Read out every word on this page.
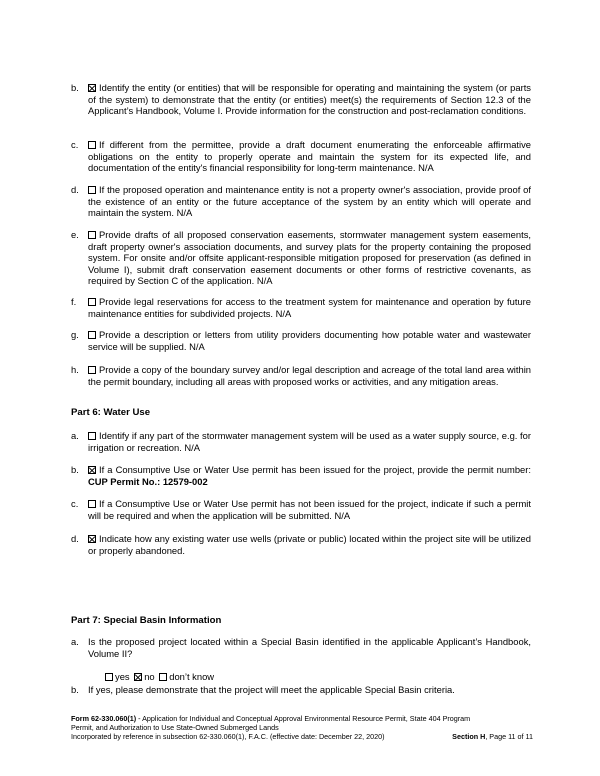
b. Identify the entity (or entities) that will be responsible for operating and maintaining the system (or parts of the system) to demonstrate that the entity (or entities) meet(s) the requirements of Section 12.3 of the Applicant’s Handbook, Volume I. Provide information for the construction and post-reclamation conditions.
c. If different from the permittee, provide a draft document enumerating the enforceable affirmative obligations on the entity to properly operate and maintain the system for its expected life, and documentation of the entity's financial responsibility for long-term maintenance. N/A
d. If the proposed operation and maintenance entity is not a property owner's association, provide proof of the existence of an entity or the future acceptance of the system by an entity which will operate and maintain the system. N/A
e. Provide drafts of all proposed conservation easements, stormwater management system easements, draft property owner's association documents, and survey plats for the property containing the proposed system. For onsite and/or offsite applicant-responsible mitigation proposed for preservation (as defined in Volume I), submit draft conservation easement documents or other forms of restrictive covenants, as required by Section C of the application. N/A
f. Provide legal reservations for access to the treatment system for maintenance and operation by future maintenance entities for subdivided projects. N/A
g. Provide a description or letters from utility providers documenting how potable water and wastewater service will be supplied. N/A
h. Provide a copy of the boundary survey and/or legal description and acreage of the total land area within the permit boundary, including all areas with proposed works or activities, and any mitigation areas.
Part 6: Water Use
a. Identify if any part of the stormwater management system will be used as a water supply source, e.g. for irrigation or recreation. N/A
b. If a Consumptive Use or Water Use permit has been issued for the project, provide the permit number: CUP Permit No.: 12579-002
c. If a Consumptive Use or Water Use permit has not been issued for the project, indicate if such a permit will be required and when the application will be submitted. N/A
d. Indicate how any existing water use wells (private or public) located within the project site will be utilized or properly abandoned.
Part 7: Special Basin Information
a. Is the proposed project located within a Special Basin identified in the applicable Applicant’s Handbook, Volume II?
yes no don’t know
b. If yes, please demonstrate that the project will meet the applicable Special Basin criteria.
Form 62-330.060(1) - Application for Individual and Conceptual Approval Environmental Resource Permit, State 404 Program
Permit, and Authorization to Use State-Owned Submerged Lands
Incorporated by reference in subsection 62-330.060(1), F.A.C. (effective date: December 22, 2020)	Section H, Page 11 of 11
